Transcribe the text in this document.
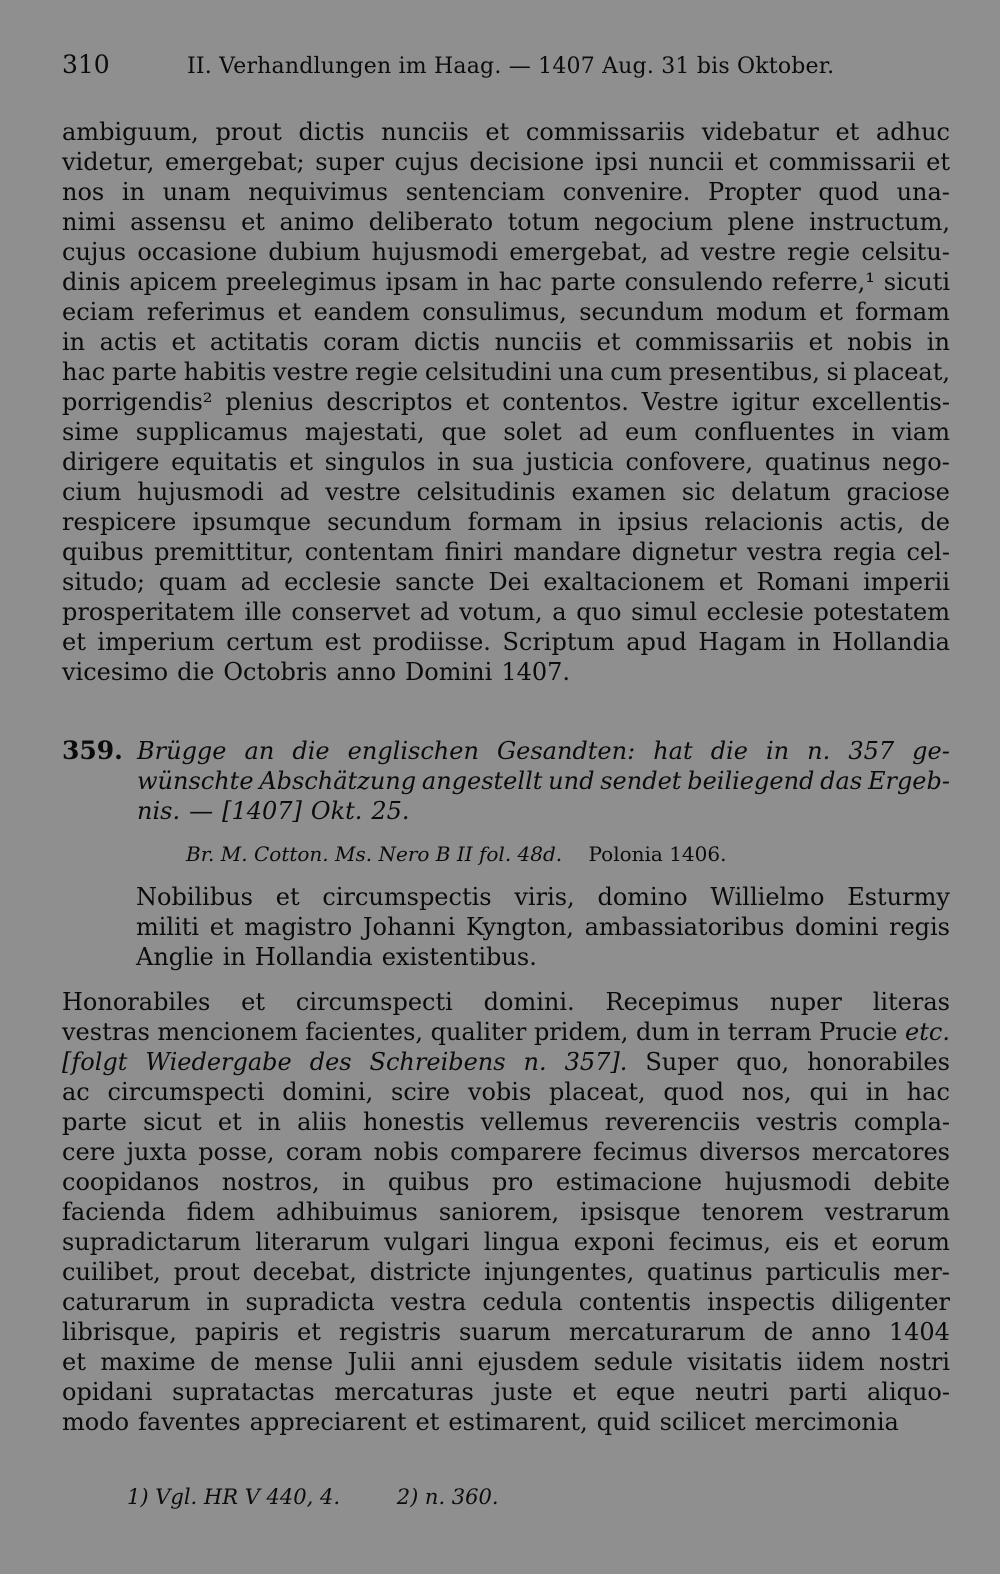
310	II. Verhandlungen im Haag. — 1407 Aug. 31 bis Oktober.
ambiguum, prout dictis nunciis et commissariis videbatur et adhuc
videtur, emergebat; super cujus decisione ipsi nuncii et commissarii et
nos in unam nequivimus sentenciam convenire. Propter quod una-
nimi assensu et animo deliberato totum negocium plene instructum,
cujus occasione dubium hujusmodi emergebat, ad vestre regie celsitu-
dinis apicem preelegimus ipsam in hac parte consulendo referre,¹ sicuti
eciam referimus et eandem consulimus, secundum modum et formam
in actis et actitatis coram dictis nunciis et commissariis et nobis in
hac parte habitis vestre regie celsitudini una cum presentibus, si placeat,
porrigendis² plenius descriptos et contentos. Vestre igitur excellentis-
sime supplicamus majestati, que solet ad eum confluentes in viam
dirigere equitatis et singulos in sua justicia confovere, quatinus nego-
cium hujusmodi ad vestre celsitudinis examen sic delatum graciose
respicere ipsumque secundum formam in ipsius relacionis actis, de
quibus premittitur, contentam finiri mandare dignetur vestra regia cel-
situdo; quam ad ecclesie sancte Dei exaltacionem et Romani imperii
prosperitatem ille conservet ad votum, a quo simul ecclesie potestatem
et imperium certum est prodiisse. Scriptum apud Hagam in Hollandia
vicesimo die Octobris anno Domini 1407.
359. Brügge an die englischen Gesandten: hat die in n. 357 ge-
wünschte Abschätzung angestellt und sendet beiliegend das Ergeb-
nis. — [1407] Okt. 25.
Br. M. Cotton. Ms. Nero B II fol. 48d. Polonia 1406.
Nobilibus et circumspectis viris, domino Willielmo Esturmy
militi et magistro Johanni Kyngton, ambassiatoribus domini regis
Anglie in Hollandia existentibus.
Honorabiles et circumspecti domini. Recepimus nuper literas
vestras mencionem facientes, qualiter pridem, dum in terram Prucie etc.
[folgt Wiedergabe des Schreibens n. 357]. Super quo, honorabiles
ac circumspecti domini, scire vobis placeat, quod nos, qui in hac
parte sicut et in aliis honestis vellemus reverenciis vestris compla-
cere juxta posse, coram nobis comparere fecimus diversos mercatores
coopidanos nostros, in quibus pro estimacione hujusmodi debite
facienda fidem adhibuimus saniorem, ipsisque tenorem vestrarum
supradictarum literarum vulgari lingua exponi fecimus, eis et eorum
cuilibet, prout decebat, districte injungentes, quatinus particulis mer-
caturarum in supradicta vestra cedula contentis inspectis diligenter
librisque, papiris et registris suarum mercaturarum de anno 1404
et maxime de mense Julii anni ejusdem sedule visitatis iidem nostri
opidani supratactas mercaturas juste et eque neutri parti aliquo-
modo faventes appreciarent et estimarent, quid scilicet mercimonia
1) Vgl. HR V 440, 4.	2) n. 360.
